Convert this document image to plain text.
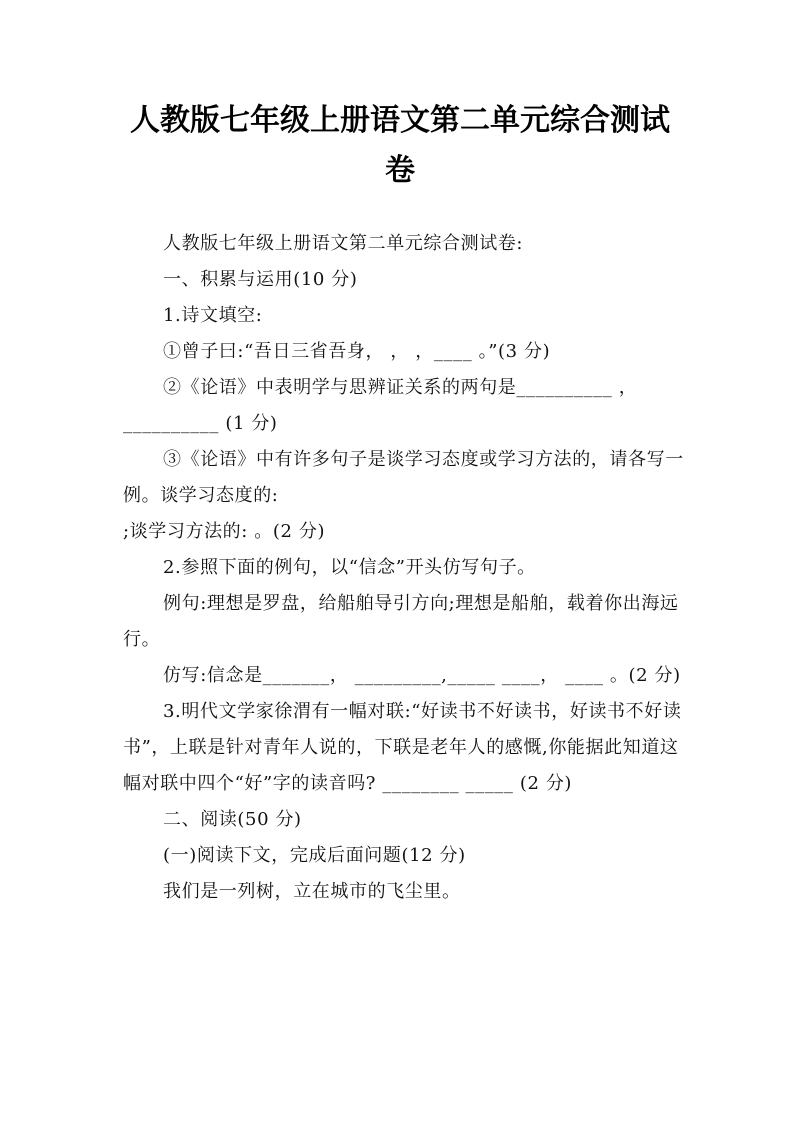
人教版七年级上册语文第二单元综合测试
卷

人教版七年级上册语文第二单元综合测试卷:

一、积累与运用(10 分)

1.诗文填空:

①曾子曰:“吾日三省吾身， ， ，____ 。”(3 分)

②《论语》中表明学与思辨证关系的两句是__________ ，__________ (1 分)

③《论语》中有许多句子是谈学习态度或学习方法的，请各写一例。谈学习态度的:

;谈学习方法的: 。(2 分)

2.参照下面的例句，以“信念”开头仿写句子。

例句:理想是罗盘，给船舶导引方向;理想是船舶，载着你出海远行。

仿写:信念是_______， _________,_____ ____， ____ 。(2 分)

3.明代文学家徐渭有一幅对联:“好读书不好读书，好读书不好读书”，上联是针对青年人说的，下联是老年人的感慨,你能据此知道这幅对联中四个“好”字的读音吗? ________ _____ (2 分)

二、阅读(50 分)

(一)阅读下文，完成后面问题(12 分)

我们是一列树，立在城市的飞尘里。
